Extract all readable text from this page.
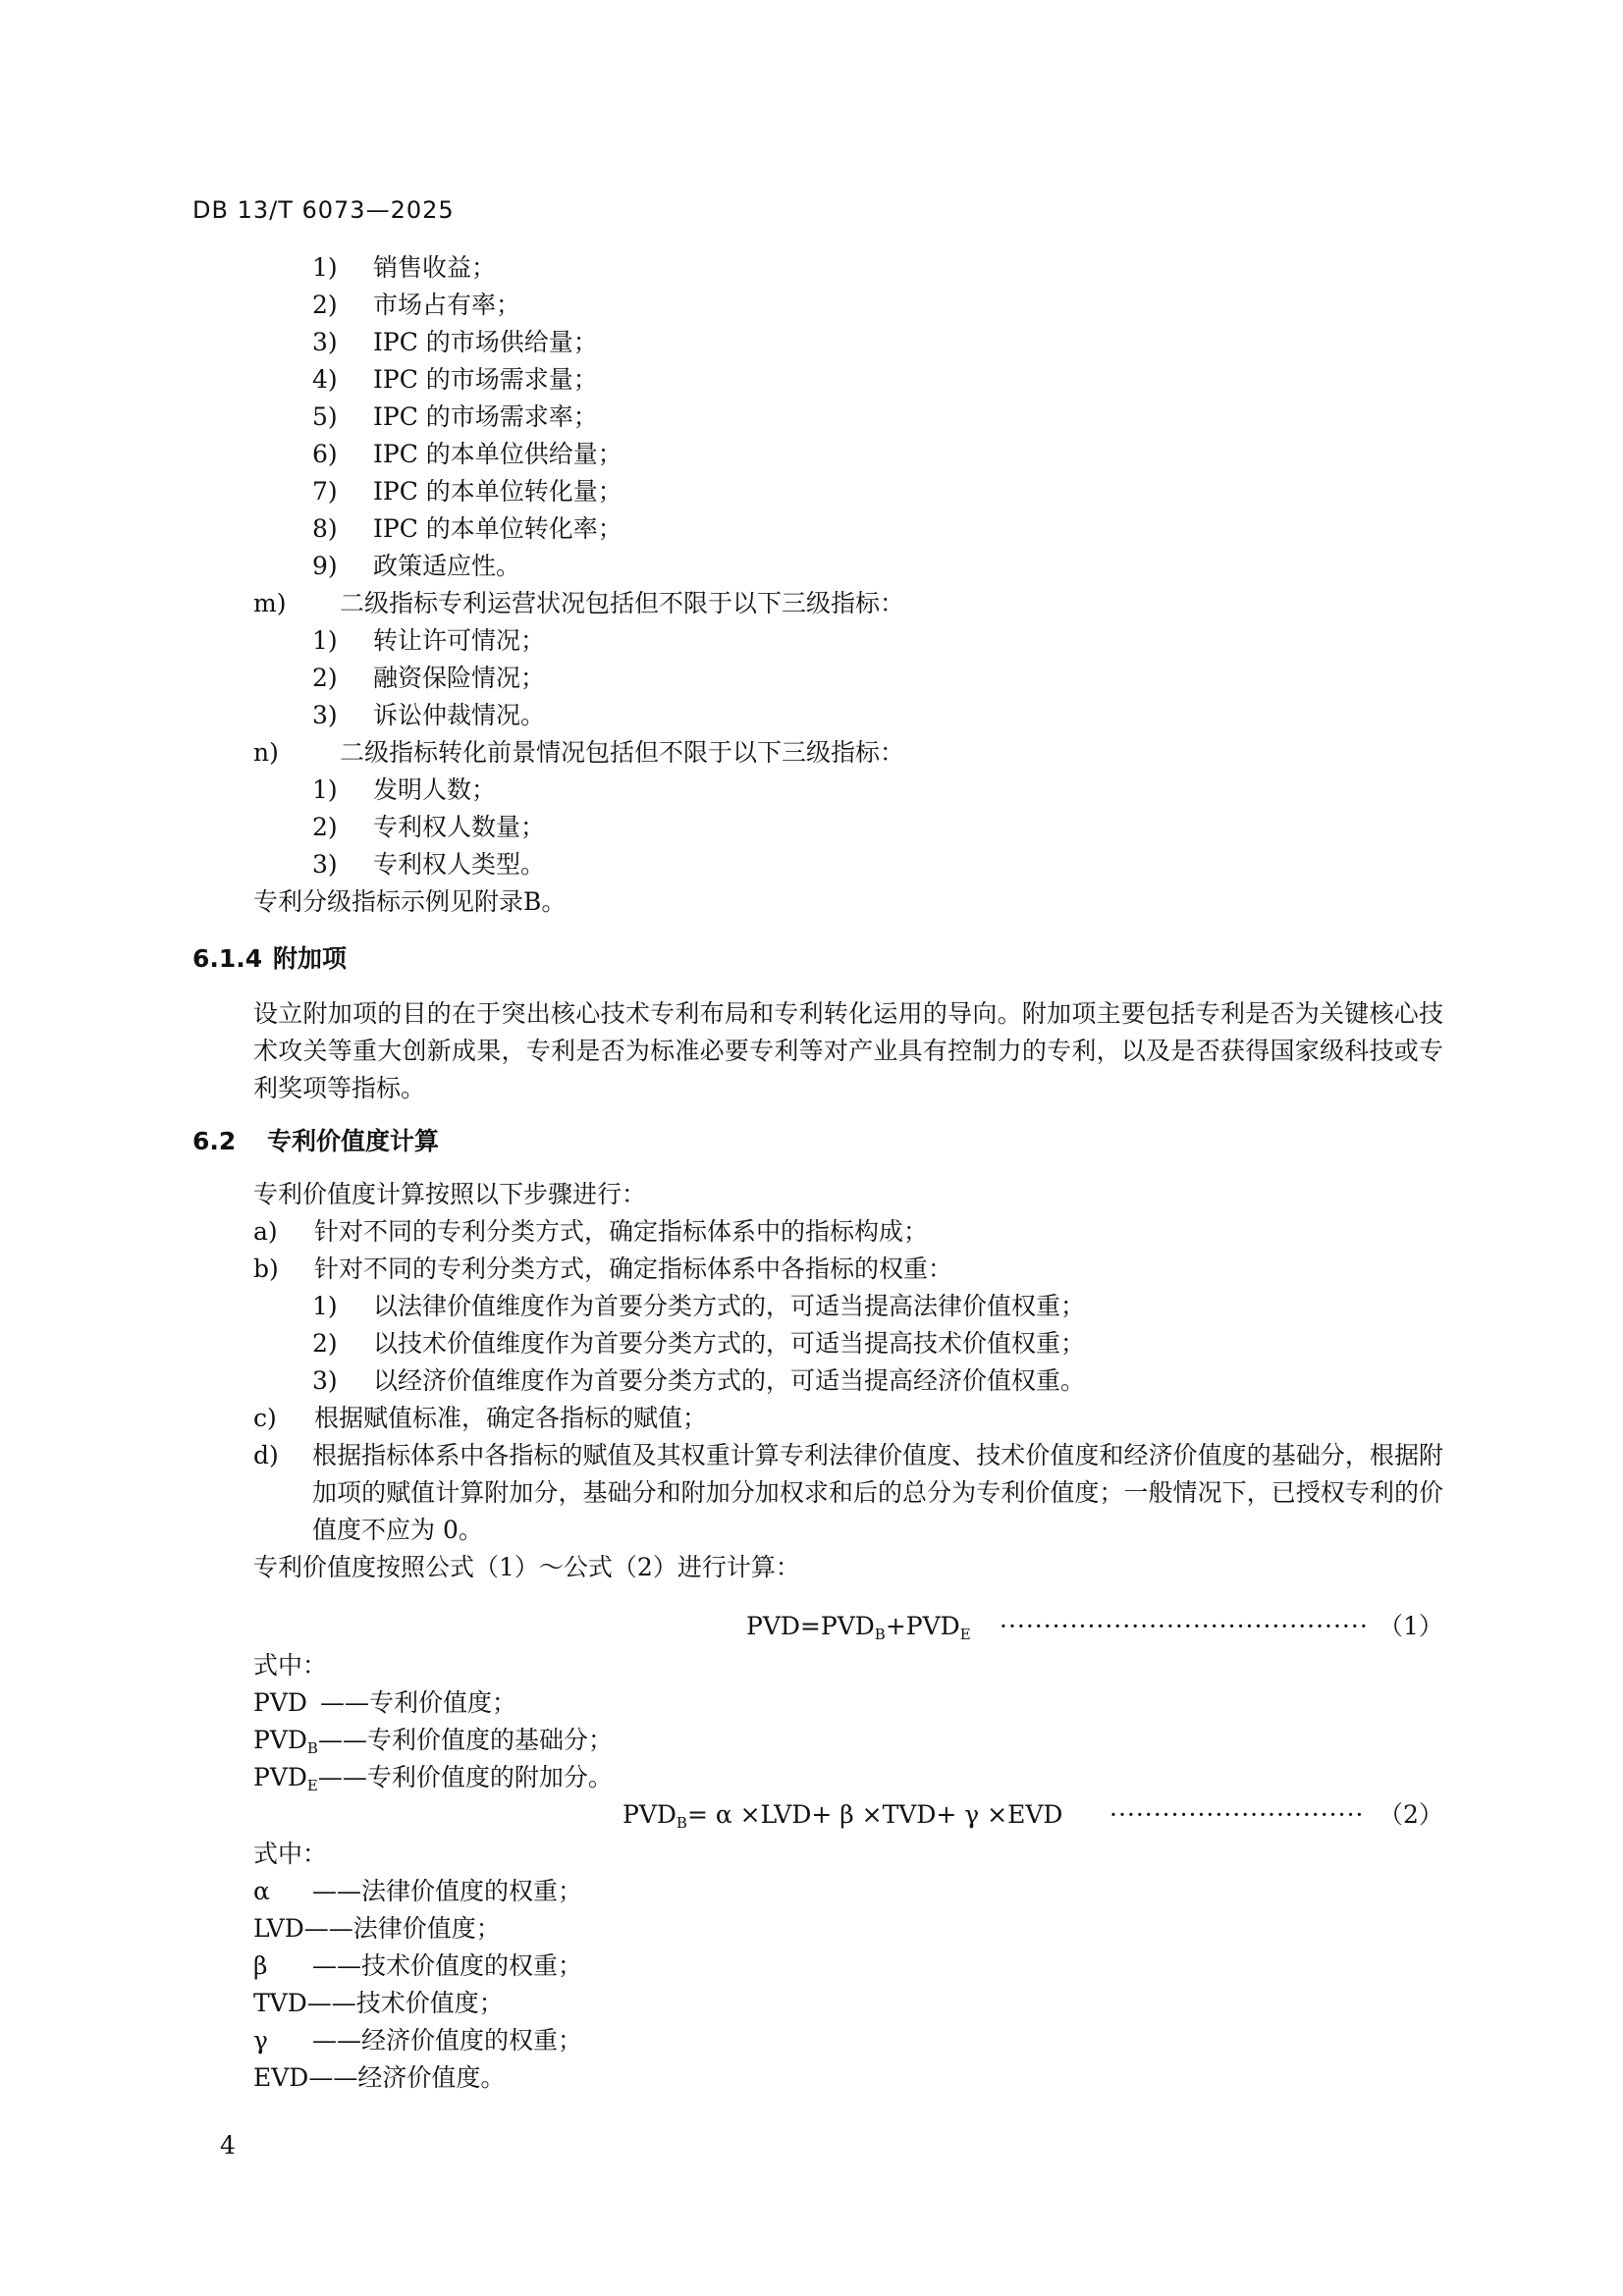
DB 13/T 6073—2025
1) 销售收益；
2) 市场占有率；
3) IPC 的市场供给量；
4) IPC 的市场需求量；
5) IPC 的市场需求率；
6) IPC 的本单位供给量；
7) IPC 的本单位转化量；
8) IPC 的本单位转化率；
9) 政策适应性。
m) 二级指标专利运营状况包括但不限于以下三级指标：
1) 转让许可情况；
2) 融资保险情况；
3) 诉讼仲裁情况。
n) 二级指标转化前景情况包括但不限于以下三级指标：
1) 发明人数；
2) 专利权人数量；
3) 专利权人类型。
专利分级指标示例见附录B。
6.1.4 附加项
设立附加项的目的在于突出核心技术专利布局和专利转化运用的导向。附加项主要包括专利是否为关键核心技术攻关等重大创新成果，专利是否为标准必要专利等对产业具有控制力的专利，以及是否获得国家级科技或专利奖项等指标。
6.2 专利价值度计算
专利价值度计算按照以下步骤进行：
a) 针对不同的专利分类方式，确定指标体系中的指标构成；
b) 针对不同的专利分类方式，确定指标体系中各指标的权重：
1) 以法律价值维度作为首要分类方式的，可适当提高法律价值权重；
2) 以技术价值维度作为首要分类方式的，可适当提高技术价值权重；
3) 以经济价值维度作为首要分类方式的，可适当提高经济价值权重。
c) 根据赋值标准，确定各指标的赋值；
d) 根据指标体系中各指标的赋值及其权重计算专利法律价值度、技术价值度和经济价值度的基础分，根据附加项的赋值计算附加分，基础分和附加分加权求和后的总分为专利价值度；一般情况下，已授权专利的价值度不应为 0。
专利价值度按照公式（1）～公式（2）进行计算：
$PVD=PVD_B+PVD_E$ ·········································· （1）
式中：
PVD ——专利价值度；
$PVD_B——$专利价值度的基础分；
$PVD_E——$专利价值度的附加分。
$PVD_B= \alpha \times LVD+ \beta \times TVD+ \gamma \times EVD$ ····························· （2）
式中：
α ——法律价值度的权重；
LVD——法律价值度；
β ——技术价值度的权重；
TVD——技术价值度；
γ ——经济价值度的权重；
EVD——经济价值度。
4
